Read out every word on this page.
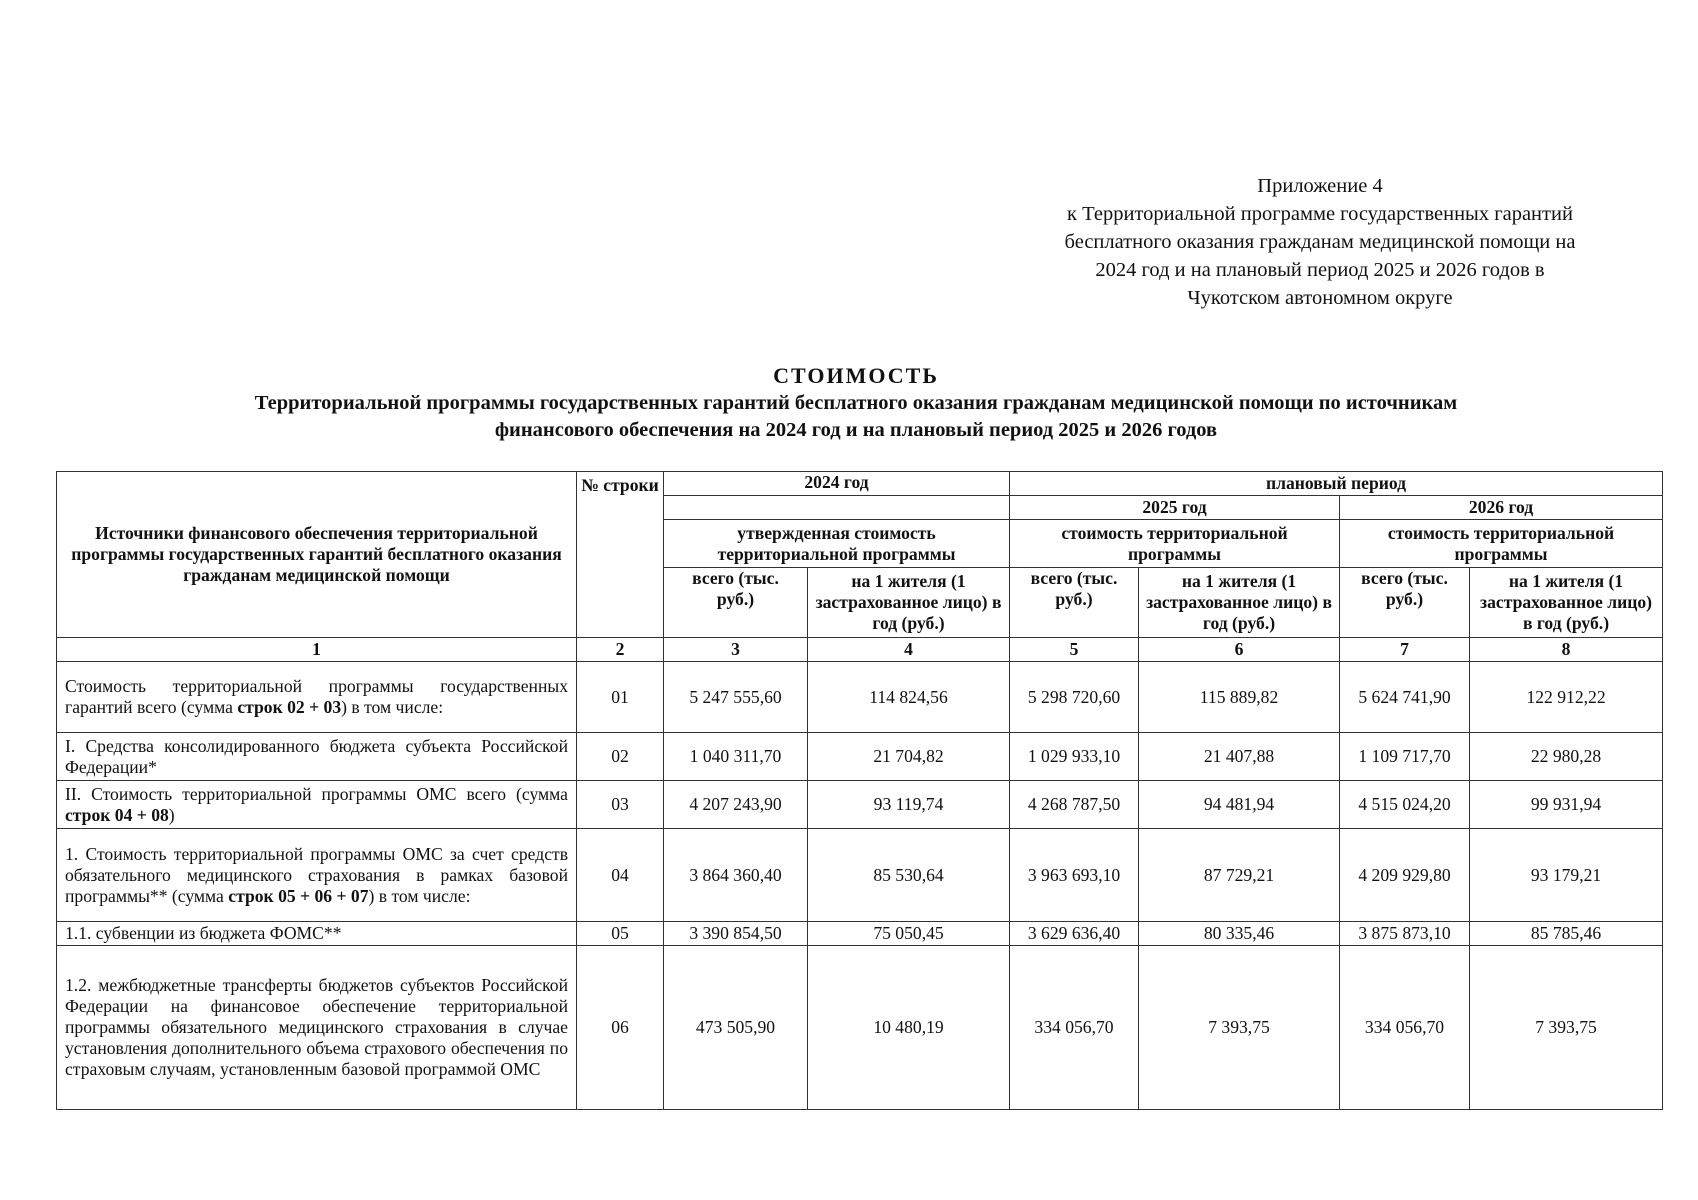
Приложение 4
к Территориальной программе государственных гарантий
бесплатного оказания гражданам медицинской помощи на
2024 год и на плановый период 2025 и 2026 годов в
Чукотском автономном округе
СТОИМОСТЬ
Территориальной программы государственных гарантий бесплатного оказания гражданам медицинской помощи по источникам
финансового обеспечения на 2024 год и на плановый период 2025 и 2026 годов
Источники финансового обеспечения территориальной программы государственных гарантий бесплатного оказания гражданам медицинской помощи	№ строки	2024 год		плановый период			
				2025 год		2026 год	
		утвержденная стоимость территориальной программы		стоимость территориальной программы		стоимость территориальной программы	
		всего (тыс. руб.)	на 1 жителя (1 застрахованное лицо) в год (руб.)	всего (тыс. руб.)	на 1 жителя (1 застрахованное лицо) в год (руб.)	всего (тыс. руб.)	на 1 жителя (1 застрахованное лицо) в год (руб.)
1	2	3	4	5	6	7	8
Стоимость территориальной программы государственных гарантий всего (сумма строк 02 + 03) в том числе:	01	5 247 555,60	114 824,56	5 298 720,60	115 889,82	5 624 741,90	122 912,22
I. Средства консолидированного бюджета субъекта Российской Федерации*	02	1 040 311,70	21 704,82	1 029 933,10	21 407,88	1 109 717,70	22 980,28
II. Стоимость территориальной программы ОМС всего (сумма строк 04 + 08)	03	4 207 243,90	93 119,74	4 268 787,50	94 481,94	4 515 024,20	99 931,94
1. Стоимость территориальной программы ОМС за счет средств обязательного медицинского страхования в рамках базовой программы** (сумма строк 05 + 06 + 07) в том числе:	04	3 864 360,40	85 530,64	3 963 693,10	87 729,21	4 209 929,80	93 179,21
1.1. субвенции из бюджета ФОМС**	05	3 390 854,50	75 050,45	3 629 636,40	80 335,46	3 875 873,10	85 785,46
1.2. межбюджетные трансферты бюджетов субъектов Российской Федерации на финансовое обеспечение территориальной программы обязательного медицинского страхования в случае установления дополнительного объема страхового обеспечения по страховым случаям, установленным базовой программой ОМС	06	473 505,90	10 480,19	334 056,70	7 393,75	334 056,70	7 393,75
